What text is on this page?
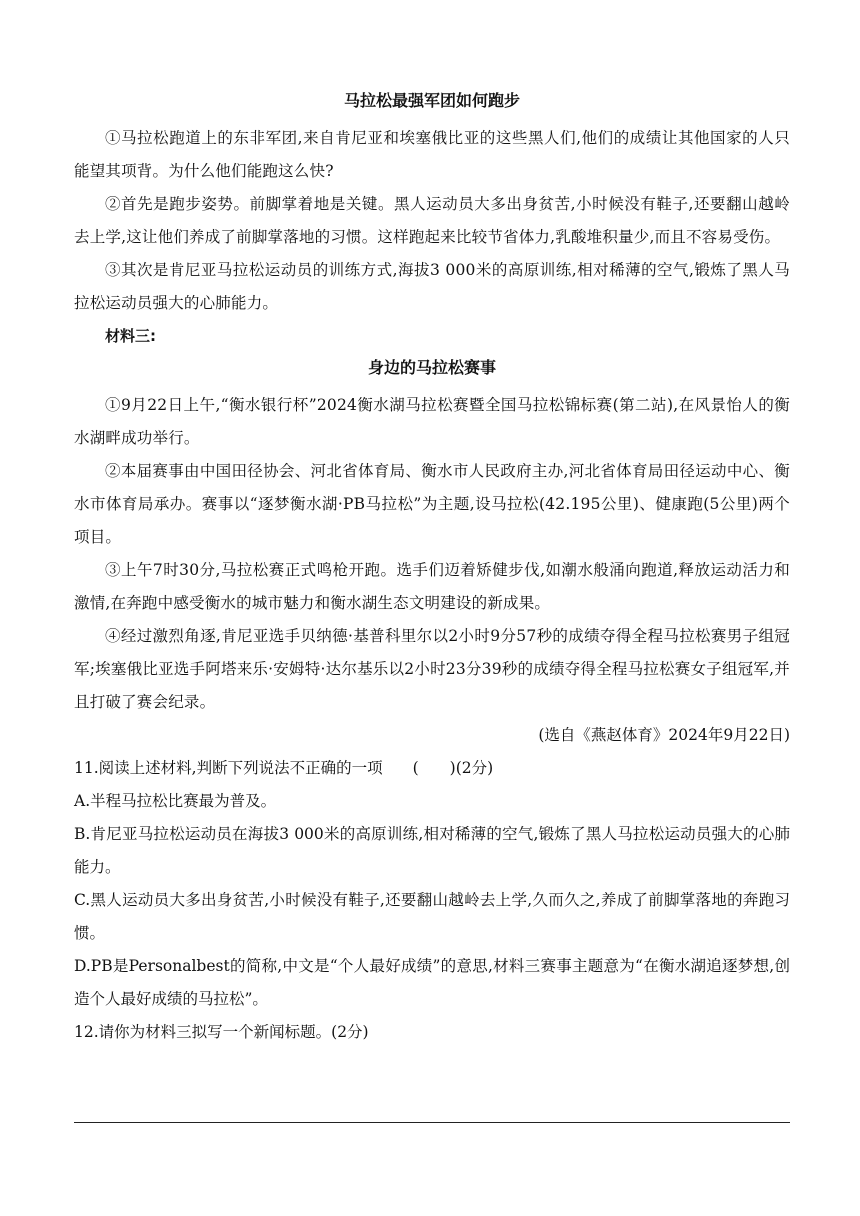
马拉松最强军团如何跑步

①马拉松跑道上的东非军团,来自肯尼亚和埃塞俄比亚的这些黑人们,他们的成绩让其他国家的人只能望其项背。为什么他们能跑这么快?

②首先是跑步姿势。前脚掌着地是关键。黑人运动员大多出身贫苦,小时候没有鞋子,还要翻山越岭去上学,这让他们养成了前脚掌落地的习惯。这样跑起来比较节省体力,乳酸堆积量少,而且不容易受伤。

③其次是肯尼亚马拉松运动员的训练方式,海拔3 000米的高原训练,相对稀薄的空气,锻炼了黑人马拉松运动员强大的心肺能力。

材料三:

身边的马拉松赛事

①9月22日上午,“衡水银行杯”2024衡水湖马拉松赛暨全国马拉松锦标赛(第二站),在风景怡人的衡水湖畔成功举行。

②本届赛事由中国田径协会、河北省体育局、衡水市人民政府主办,河北省体育局田径运动中心、衡水市体育局承办。赛事以“逐梦衡水湖·PB马拉松”为主题,设马拉松(42.195公里)、健康跑(5公里)两个项目。

③上午7时30分,马拉松赛正式鸣枪开跑。选手们迈着矫健步伐,如潮水般涌向跑道,释放运动活力和激情,在奔跑中感受衡水的城市魅力和衡水湖生态文明建设的新成果。

④经过激烈角逐,肯尼亚选手贝纳德·基普科里尔以2小时9分57秒的成绩夺得全程马拉松赛男子组冠军;埃塞俄比亚选手阿塔来乐·安姆特·达尔基乐以2小时23分39秒的成绩夺得全程马拉松赛女子组冠军,并且打破了赛会纪录。

(选自《燕赵体育》2024年9月22日)

11.阅读上述材料,判断下列说法不正确的一项 (　　)(2分)

A.半程马拉松比赛最为普及。

B.肯尼亚马拉松运动员在海拔3 000米的高原训练,相对稀薄的空气,锻炼了黑人马拉松运动员强大的心肺能力。

C.黑人运动员大多出身贫苦,小时候没有鞋子,还要翻山越岭去上学,久而久之,养成了前脚掌落地的奔跑习惯。

D.PB是Personalbest的简称,中文是“个人最好成绩”的意思,材料三赛事主题意为“在衡水湖追逐梦想,创造个人最好成绩的马拉松”。

12.请你为材料三拟写一个新闻标题。(2分)
